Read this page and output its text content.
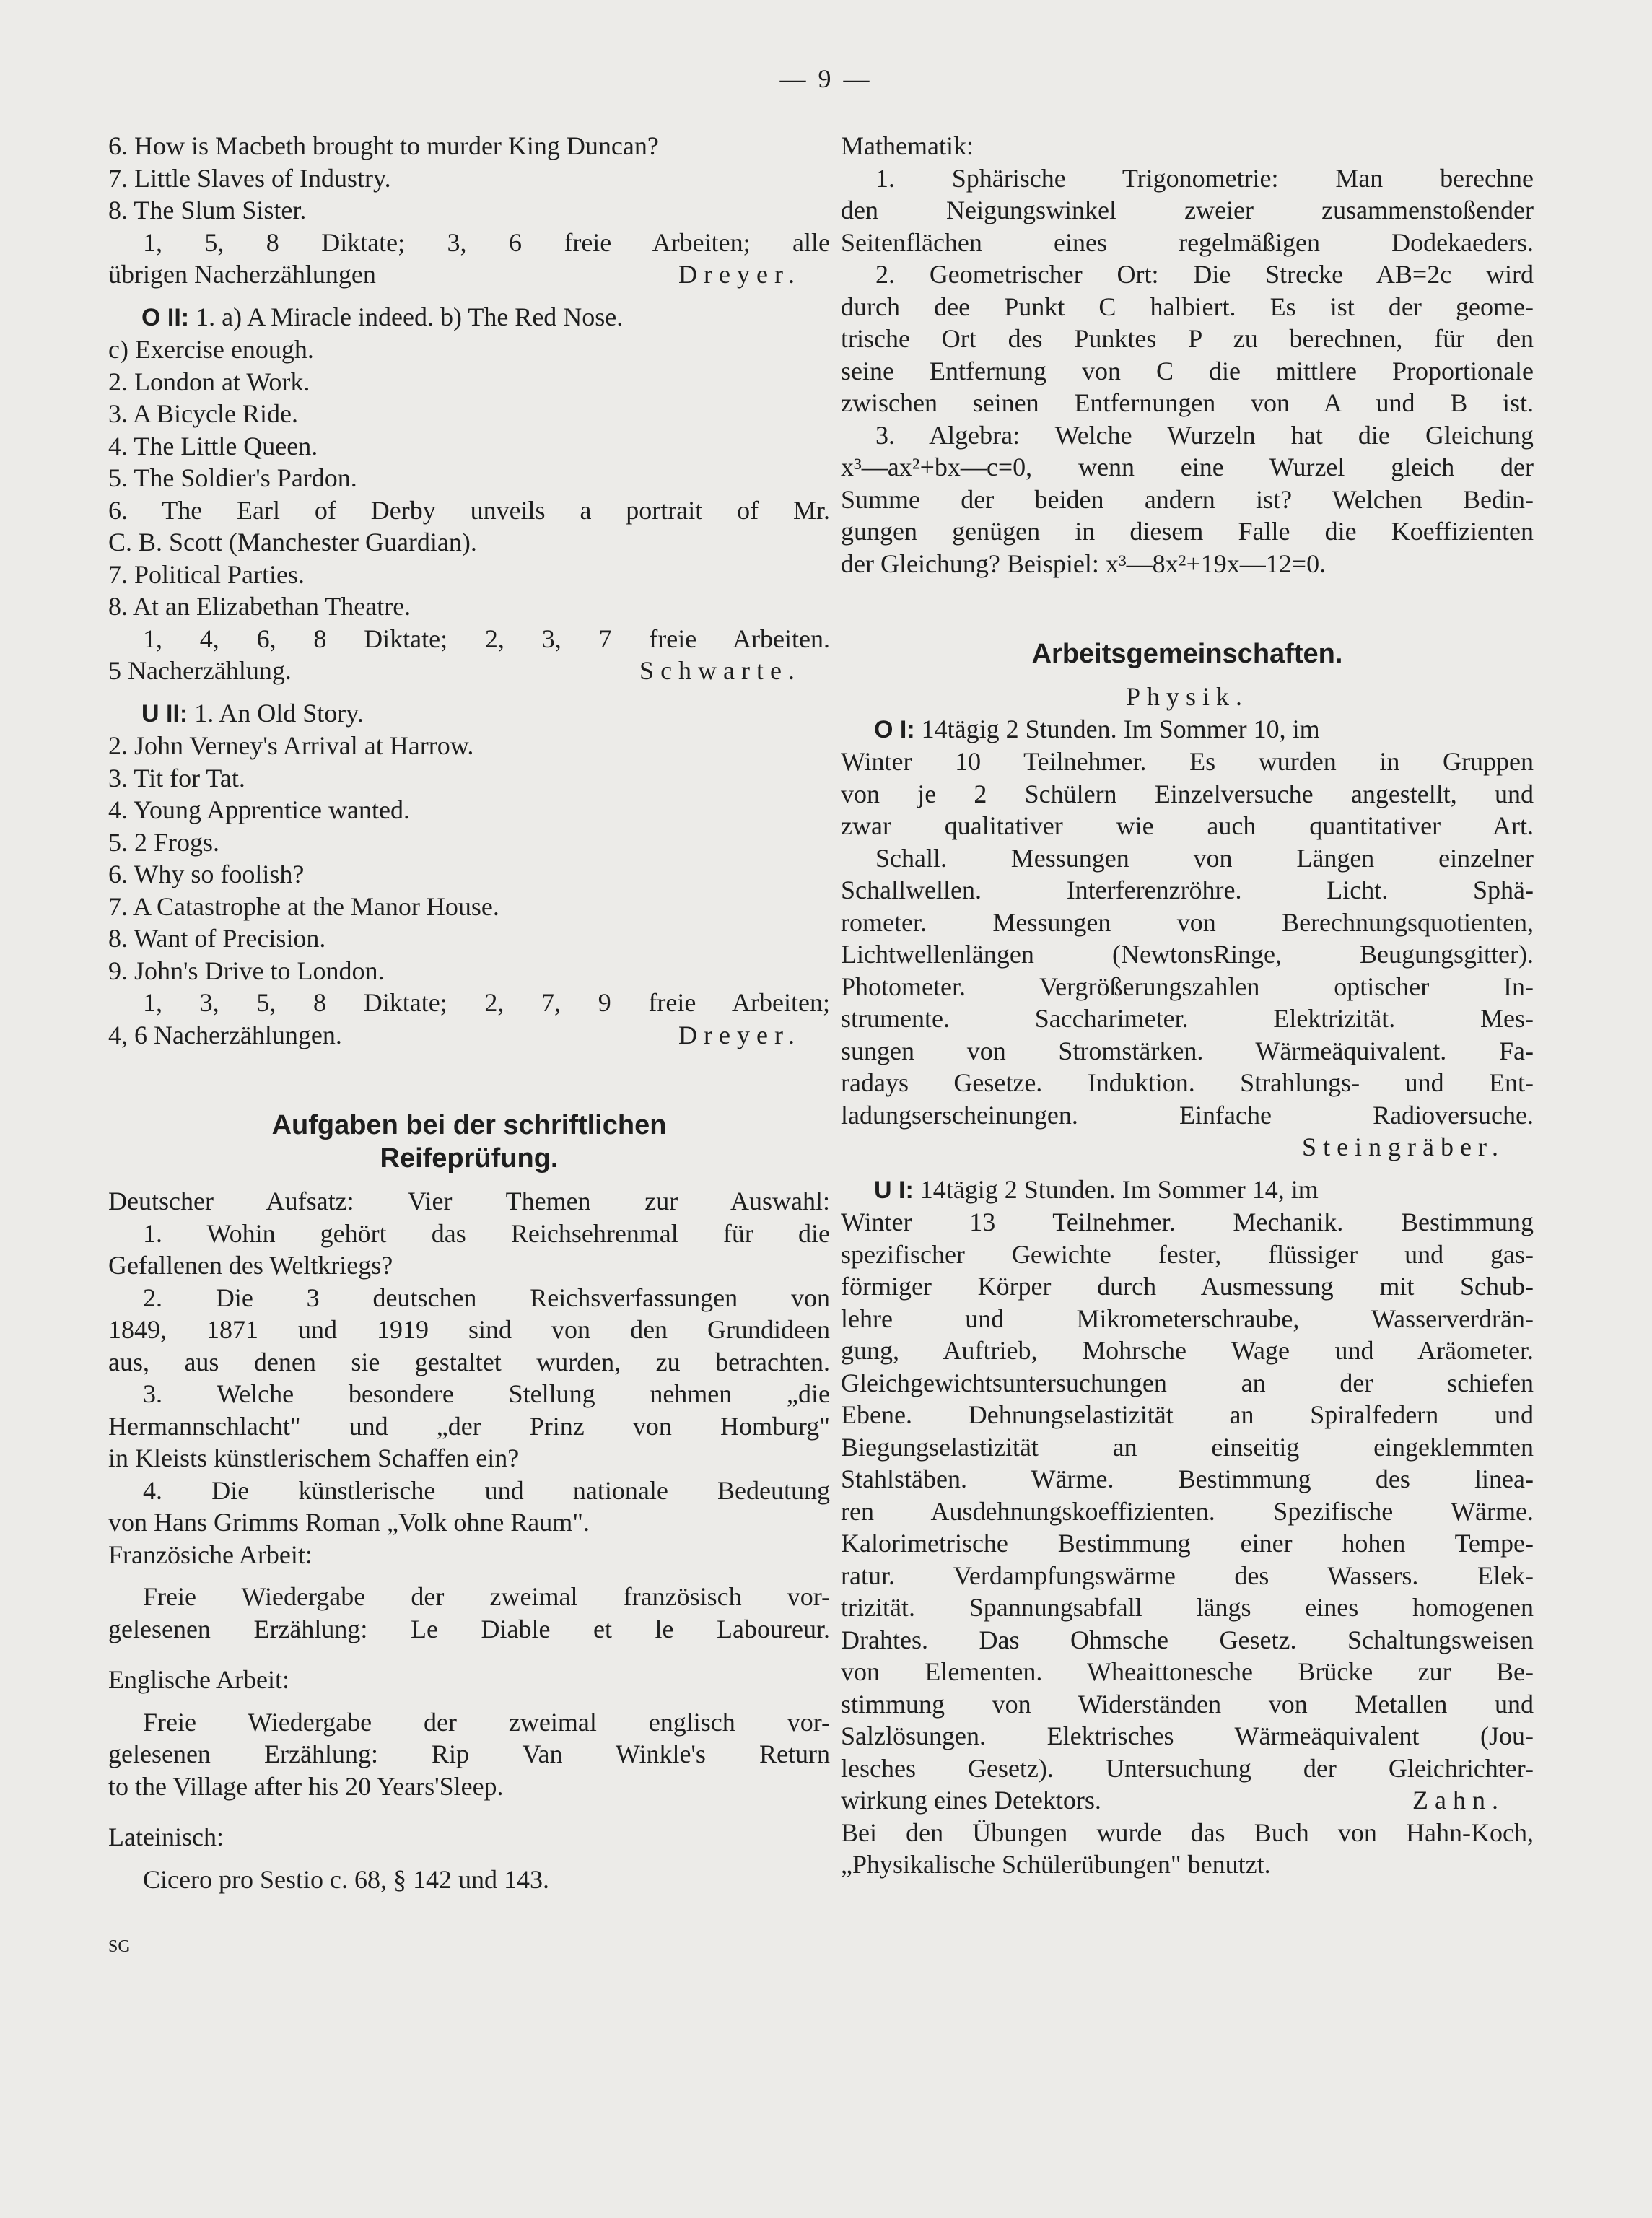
— 9 —
6. How is Macbeth brought to murder King Duncan?
7. Little Slaves of Industry.
8. The Slum Sister.
1, 5, 8 Diktate; 3, 6 freie Arbeiten; alle
übrigen Nacherzählungen	Dreyer.
O II: 1. a) A Miracle indeed. b) The Red Nose.
c) Exercise enough.
2. London at Work.
3. A Bicycle Ride.
4. The Little Queen.
5. The Soldier's Pardon.
6. The Earl of Derby unveils a portrait of Mr.
C. B. Scott (Manchester Guardian).
7. Political Parties.
8. At an Elizabethan Theatre.
1, 4, 6, 8 Diktate; 2, 3, 7 freie Arbeiten.
5 Nacherzählung.	Schwarte.
U II: 1. An Old Story.
2. John Verney's Arrival at Harrow.
3. Tit for Tat.
4. Young Apprentice wanted.
5. 2 Frogs.
6. Why so foolish?
7. A Catastrophe at the Manor House.
8. Want of Precision.
9. John's Drive to London.
1, 3, 5, 8 Diktate; 2, 7, 9 freie Arbeiten;
4, 6 Nacherzählungen.	Dreyer.
Aufgaben bei der schriftlichen
Reifeprüfung.
Deutscher Aufsatz: Vier Themen zur Auswahl:
1. Wohin gehört das Reichsehrenmal für die
Gefallenen des Weltkriegs?
2. Die 3 deutschen Reichsverfassungen von
1849, 1871 und 1919 sind von den Grundideen
aus, aus denen sie gestaltet wurden, zu betrachten.
3. Welche besondere Stellung nehmen „die
Hermannschlacht" und „der Prinz von Homburg"
in Kleists künstlerischem Schaffen ein?
4. Die künstlerische und nationale Bedeutung
von Hans Grimms Roman „Volk ohne Raum".
Französiche Arbeit:
Freie Wiedergabe der zweimal französisch vor-
gelesenen Erzählung: Le Diable et le Laboureur.
Englische Arbeit:
Freie Wiedergabe der zweimal englisch vor-
gelesenen Erzählung: Rip Van Winkle's Return
to the Village after his 20 Years'Sleep.
Lateinisch:
Cicero pro Sestio c. 68, § 142 und 143.
Mathematik:
1. Sphärische Trigonometrie: Man berechne
den Neigungswinkel zweier zusammenstoßender
Seitenflächen eines regelmäßigen Dodekaeders.
2. Geometrischer Ort: Die Strecke AB=2c wird
durch dee Punkt C halbiert. Es ist der geome-
trische Ort des Punktes P zu berechnen, für den
seine Entfernung von C die mittlere Proportionale
zwischen seinen Entfernungen von A und B ist.
3. Algebra: Welche Wurzeln hat die Gleichung
x³—ax²+bx—c=0, wenn eine Wurzel gleich der
Summe der beiden andern ist? Welchen Bedin-
gungen genügen in diesem Falle die Koeffizienten
der Gleichung? Beispiel: x³—8x²+19x—12=0.
Arbeitsgemeinschaften.
Physik.
O I: 14tägig 2 Stunden. Im Sommer 10, im
Winter 10 Teilnehmer. Es wurden in Gruppen
von je 2 Schülern Einzelversuche angestellt, und
zwar qualitativer wie auch quantitativer Art.
Schall. Messungen von Längen einzelner
Schallwellen. Interferenzröhre. Licht. Sphä-
rometer. Messungen von Berechnungsquotienten,
Lichtwellenlängen (NewtonsRinge, Beugungsgitter).
Photometer. Vergrößerungszahlen optischer In-
strumente. Saccharimeter. Elektrizität. Mes-
sungen von Stromstärken. Wärmeäquivalent. Fa-
radays Gesetze. Induktion. Strahlungs- und Ent-
ladungserscheinungen. Einfache Radioversuche.
Steingräber.
U I: 14tägig 2 Stunden. Im Sommer 14, im
Winter 13 Teilnehmer. Mechanik. Bestimmung
spezifischer Gewichte fester, flüssiger und gas-
förmiger Körper durch Ausmessung mit Schub-
lehre und Mikrometerschraube, Wasserverdrän-
gung, Auftrieb, Mohrsche Wage und Aräometer.
Gleichgewichtsuntersuchungen an der schiefen
Ebene. Dehnungselastizität an Spiralfedern und
Biegungselastizität an einseitig eingeklemmten
Stahlstäben. Wärme. Bestimmung des linea-
ren Ausdehnungskoeffizienten. Spezifische Wärme.
Kalorimetrische Bestimmung einer hohen Tempe-
ratur. Verdampfungswärme des Wassers. Elek-
trizität. Spannungsabfall längs eines homogenen
Drahtes. Das Ohmsche Gesetz. Schaltungsweisen
von Elementen. Wheaittonesche Brücke zur Be-
stimmung von Widerständen von Metallen und
Salzlösungen. Elektrisches Wärmeäquivalent (Jou-
lesches Gesetz). Untersuchung der Gleichrichter-
wirkung eines Detektors.	Zahn.
Bei den Übungen wurde das Buch von Hahn-Koch,
„Physikalische Schülerübungen" benutzt.
SG
